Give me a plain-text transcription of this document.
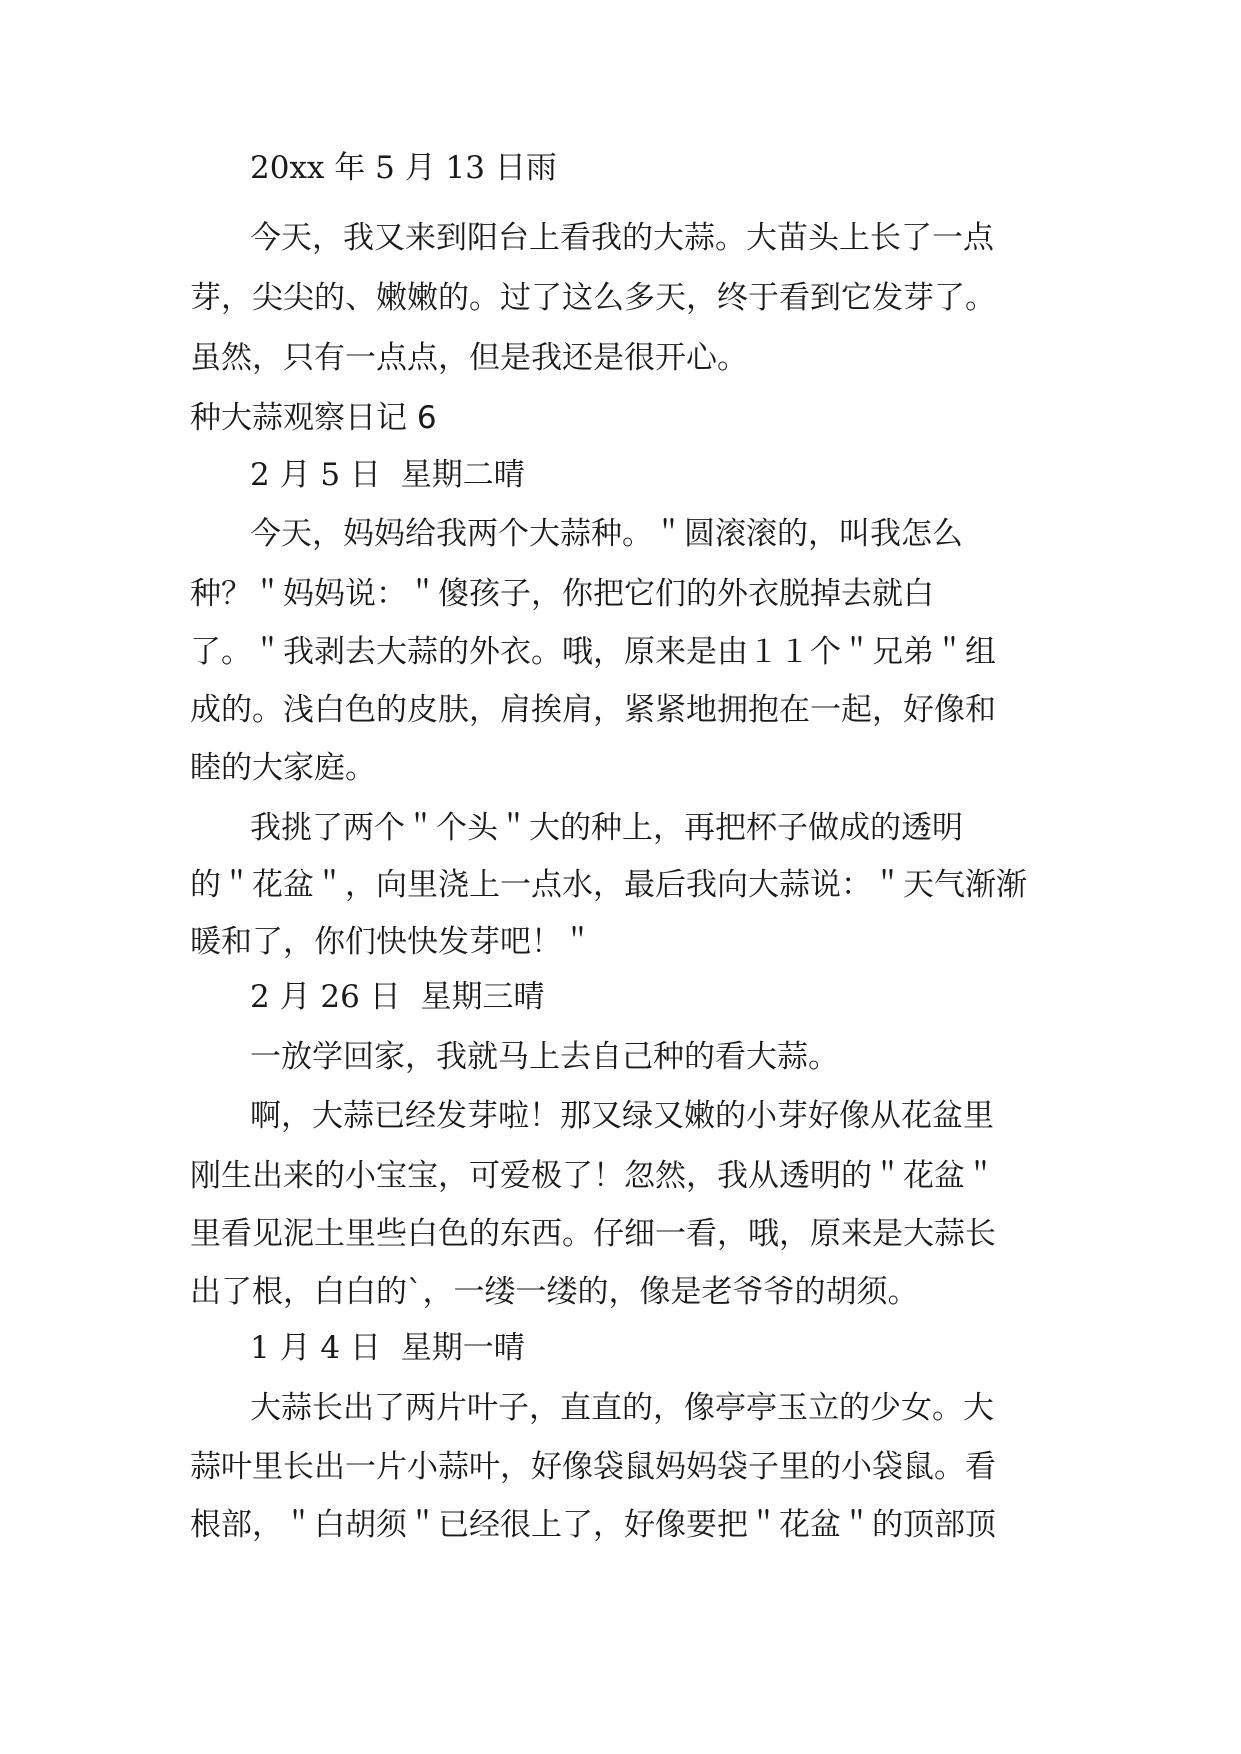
20xx 年 5 月 13 日雨
今天，我又来到阳台上看我的大蒜。大苗头上长了一点
芽，尖尖的、嫩嫩的。过了这么多天，终于看到它发芽了。
虽然，只有一点点，但是我还是很开心。
种大蒜观察日记 6
2 月 5 日  星期二晴
今天，妈妈给我两个大蒜种。＂圆滚滚的，叫我怎么
种？＂妈妈说：＂傻孩子，你把它们的外衣脱掉去就白
了。＂我剥去大蒜的外衣。哦，原来是由１１个＂兄弟＂组
成的。浅白色的皮肤，肩挨肩，紧紧地拥抱在一起，好像和
睦的大家庭。
我挑了两个＂个头＂大的种上，再把杯子做成的透明
的＂花盆＂，向里浇上一点水，最后我向大蒜说：＂天气渐渐
暖和了，你们快快发芽吧！＂
2 月 26 日  星期三晴
一放学回家，我就马上去自己种的看大蒜。
啊，大蒜已经发芽啦！那又绿又嫩的小芽好像从花盆里
刚生出来的小宝宝，可爱极了！忽然，我从透明的＂花盆＂
里看见泥土里些白色的东西。仔细一看，哦，原来是大蒜长
出了根，白白的`，一缕一缕的，像是老爷爷的胡须。
1 月 4 日  星期一晴
大蒜长出了两片叶子，直直的，像亭亭玉立的少女。大
蒜叶里长出一片小蒜叶，好像袋鼠妈妈袋子里的小袋鼠。看
根部，＂白胡须＂已经很上了，好像要把＂花盆＂的顶部顶
